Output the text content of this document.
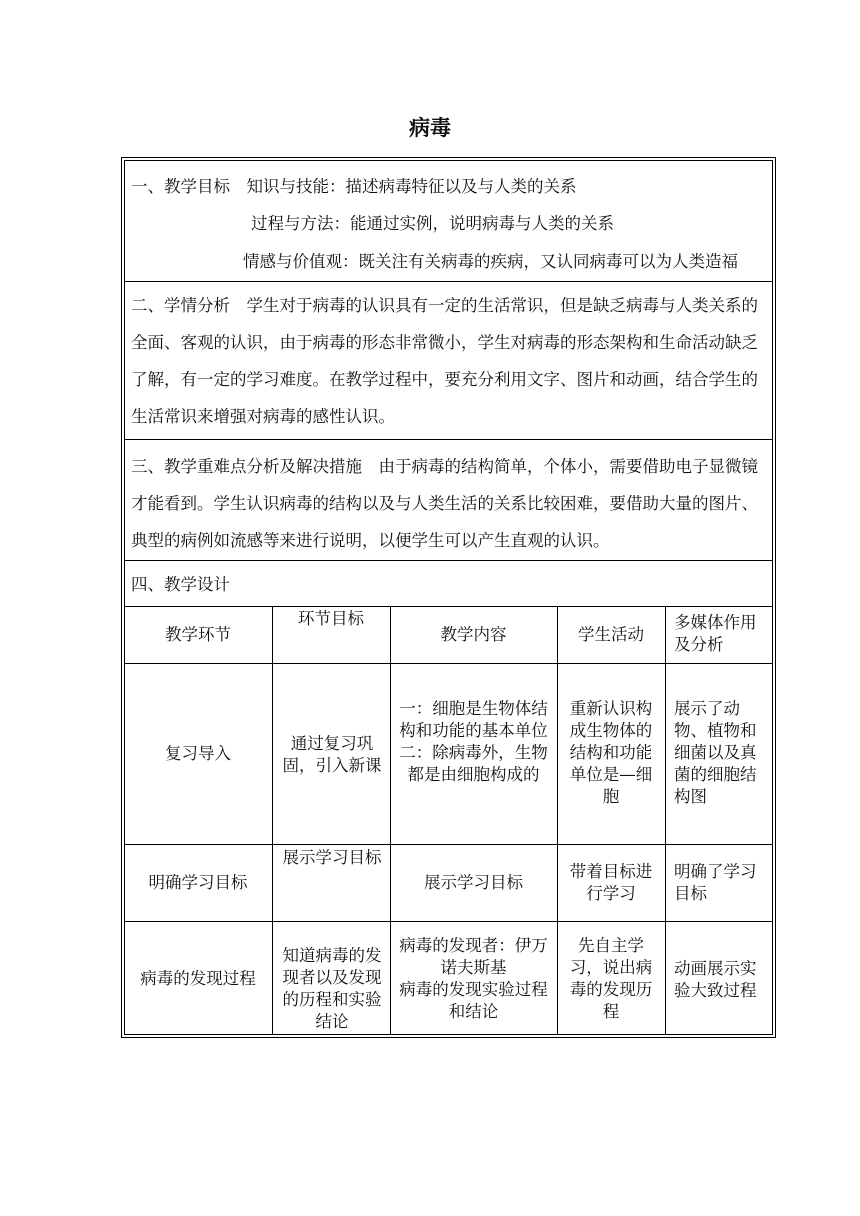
病毒
一、教学目标　知识与技能：描述病毒特征以及与人类的关系
过程与方法：能通过实例，说明病毒与人类的关系
情感与价值观：既关注有关病毒的疾病，又认同病毒可以为人类造福
二、学情分析　学生对于病毒的认识具有一定的生活常识，但是缺乏病毒与人类关系的全面、客观的认识，由于病毒的形态非常微小，学生对病毒的形态架构和生命活动缺乏了解，有一定的学习难度。在教学过程中，要充分利用文字、图片和动画，结合学生的生活常识来增强对病毒的感性认识。
三、教学重难点分析及解决措施　由于病毒的结构简单，个体小，需要借助电子显微镜才能看到。学生认识病毒的结构以及与人类生活的关系比较困难，要借助大量的图片、典型的病例如流感等来进行说明，以便学生可以产生直观的认识。
四、教学设计
教学环节
环节目标
教学内容	学生活动
多媒体作用及分析
复习导入
通过复习巩固，引入新课
一：细胞是生物体结构和功能的基本单位
二：除病毒外，生物都是由细胞构成的
重新认识构成生物体的结构和功能单位是—细胞
展示了动物、植物和细菌以及真菌的细胞结构图
明确学习目标
展示学习目标
展示学习目标
带着目标进行学习
明确了学习目标
病毒的发现过程
知道病毒的发现者以及发现的历程和实验结论
病毒的发现者：伊万诺夫斯基
病毒的发现实验过程和结论
先自主学习，说出病毒的发现历程
动画展示实验大致过程
